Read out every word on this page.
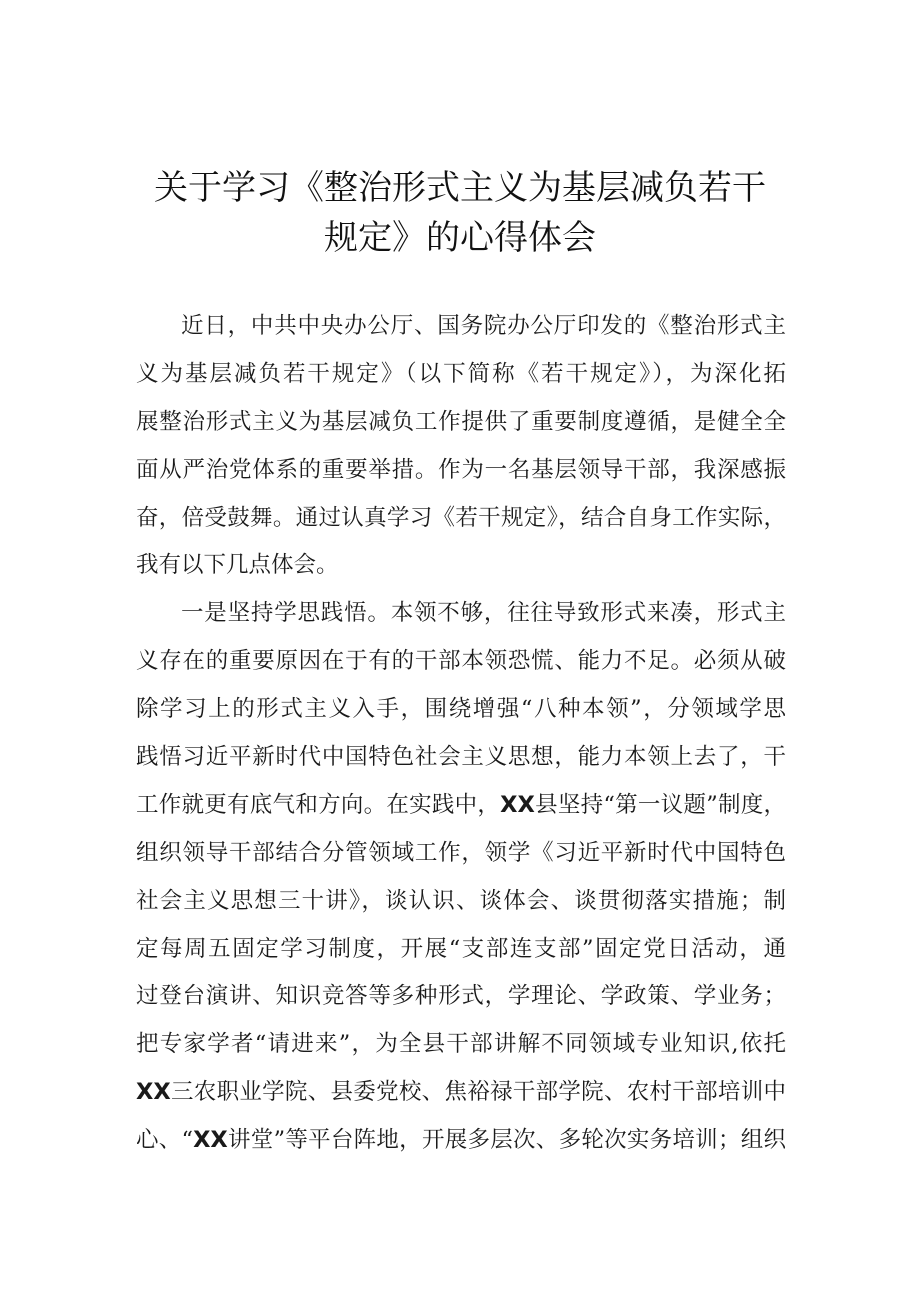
关于学习《整治形式主义为基层减负若干
规定》的心得体会
近日，中共中央办公厅、国务院办公厅印发的《整治形式主
义为基层减负若干规定》（以下简称《若干规定》），为深化拓
展整治形式主义为基层减负工作提供了重要制度遵循，是健全全
面从严治党体系的重要举措。作为一名基层领导干部，我深感振
奋，倍受鼓舞。通过认真学习《若干规定》，结合自身工作实际，
我有以下几点体会。
一是坚持学思践悟。本领不够，往往导致形式来凑，形式主
义存在的重要原因在于有的干部本领恐慌、能力不足。必须从破
除学习上的形式主义入手，围绕增强“八种本领”，分领域学思
践悟习近平新时代中国特色社会主义思想，能力本领上去了，干
工作就更有底气和方向。在实践中，XX县坚持“第一议题”制度，
组织领导干部结合分管领域工作，领学《习近平新时代中国特色
社会主义思想三十讲》，谈认识、谈体会、谈贯彻落实措施；制
定每周五固定学习制度，开展“支部连支部”固定党日活动，通
过登台演讲、知识竞答等多种形式，学理论、学政策、学业务；
把专家学者“请进来”，为全县干部讲解不同领域专业知识,依托
XX三农职业学院、县委党校、焦裕禄干部学院、农村干部培训中
心、“XX讲堂”等平台阵地，开展多层次、多轮次实务培训；组织
